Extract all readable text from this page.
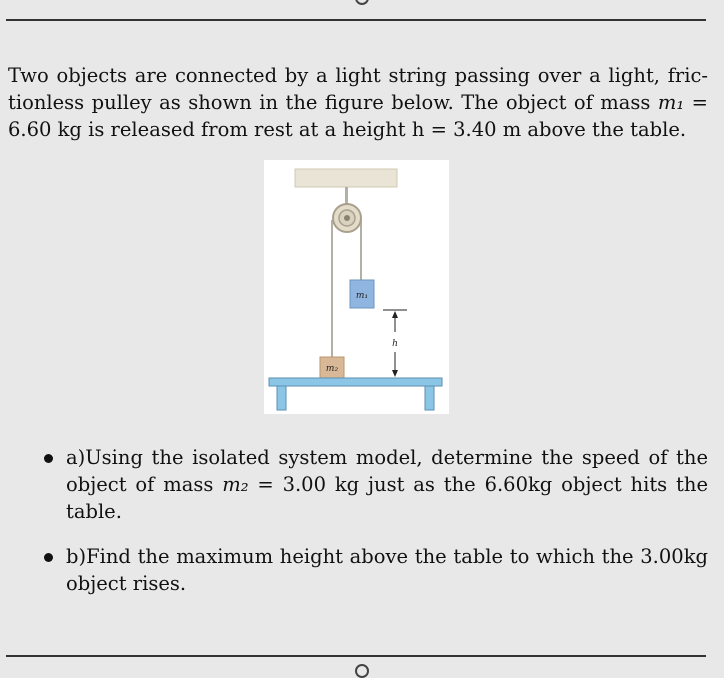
Two objects are connected by a light string passing over a light, fric-
tionless pulley as shown in the figure below. The object of mass m₁ =
6.60 kg is released from rest at a height h = 3.40 m above the table.
m₁
m₂
h
a)Using the isolated system model, determine the speed of the
object of mass m₂ = 3.00 kg just as the 6.60kg object hits the
table.
b)Find the maximum height above the table to which the 3.00kg
object rises.
